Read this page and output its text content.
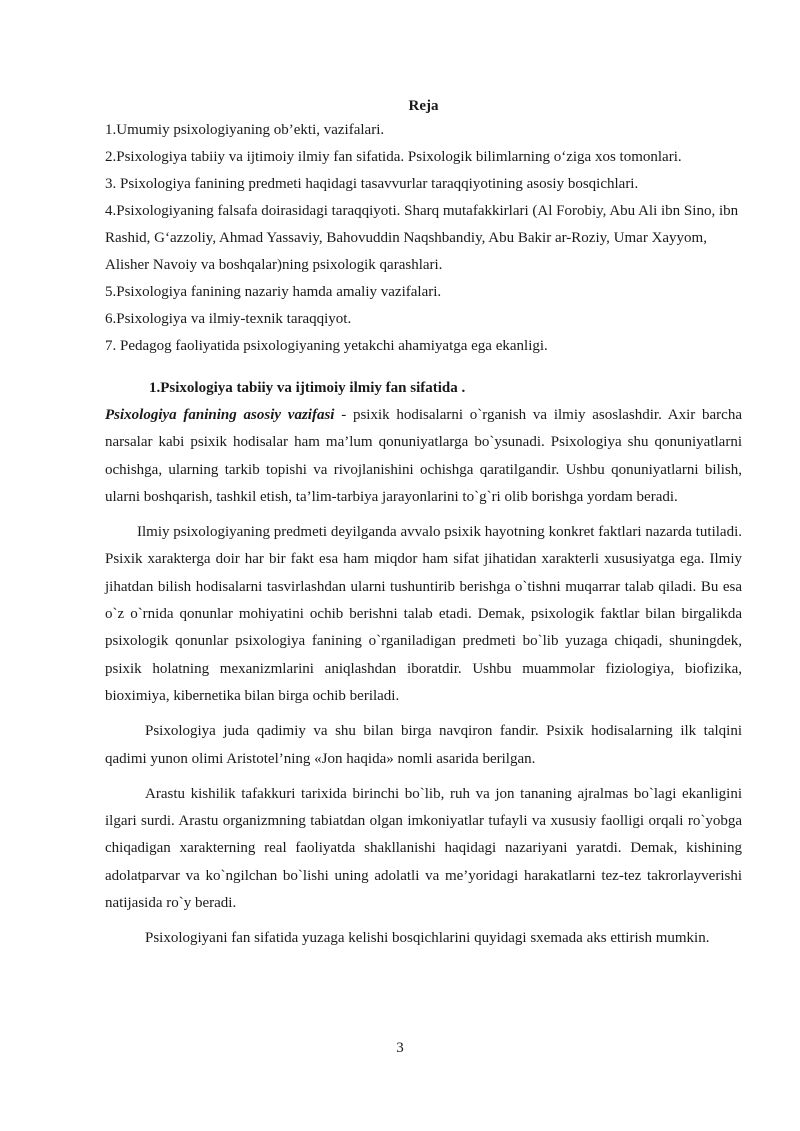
Reja
1.Umumiy psixologiyaning ob’ekti, vazifalari.
2.Psixologiya tabiiy va ijtimoiy ilmiy fan sifatida. Psixologik bilimlarning o‘ziga xos tomonlari.
3. Psixologiya fanining predmeti haqidagi tasavvurlar taraqqiyotining asosiy bosqichlari.
4.Psixologiyaning falsafa doirasidagi taraqqiyoti. Sharq mutafakkirlari (Al Forobiy, Abu Ali ibn Sino, ibn Rashid, G‘azzoliy, Ahmad Yassaviy, Bahovuddin Naqshbandiy, Abu Bakir ar-Roziy, Umar Xayyom, Alisher Navoiy va boshqalar)ning psixologik qarashlari.
5.Psixologiya fanining nazariy hamda amaliy vazifalari.
6.Psixologiya va ilmiy-texnik taraqqiyot.
7. Pedagog faoliyatida psixologiyaning yetakchi ahamiyatga ega ekanligi.
1.Psixologiya tabiiy va ijtimoiy ilmiy fan sifatida .

Psixologiya fanining asosiy vazifasi - psixik hodisalarni o`rganish va ilmiy asoslashdir. Axir barcha narsalar kabi psixik hodisalar ham ma’lum qonuniyatlarga bo`ysunadi. Psixologiya shu qonuniyatlarni ochishga, ularning tarkib topishi va rivojlanishini ochishga qaratilgandir. Ushbu qonuniyatlarni bilish, ularni boshqarish, tashkil etish, ta’lim-tarbiya jarayonlarini to`g`ri olib borishga yordam beradi.

Ilmiy psixologiyaning predmeti deyilganda avvalo psixik hayotning konkret faktlari nazarda tutiladi. Psixik xarakterga doir har bir fakt esa ham miqdor ham sifat jihatidan xarakterli xususiyatga ega. Ilmiy jihatdan bilish hodisalarni tasvirlashdan ularni tushuntirib berishga o`tishni muqarrar talab qiladi. Bu esa o`z o`rnida qonunlar mohiyatini ochib berishni talab etadi. Demak, psixologik faktlar bilan birgalikda psixologik qonunlar psixologiya fanining o`rganiladigan predmeti bo`lib yuzaga chiqadi, shuningdek, psixik holatning mexanizmlarini aniqlashdan iboratdir. Ushbu muammolar fiziologiya, biofizika, bioximiya, kibernetika bilan birga ochib beriladi.

Psixologiya juda qadimiy va shu bilan birga navqiron fandir. Psixik hodisalarning ilk talqini qadimi yunon olimi Aristotel’ning «Jon haqida» nomli asarida berilgan.

Arastu kishilik tafakkuri tarixida birinchi bo`lib, ruh va jon tananing ajralmas bo`lagi ekanligini ilgari surdi. Arastu organizmning tabiatdan olgan imkoniyatlar tufayli va xususiy faolligi orqali ro`yobga chiqadigan xarakterning real faoliyatda shakllanishi haqidagi nazariyani yaratdi. Demak, kishining adolatparvar va ko`ngilchan bo`lishi uning adolatli va me’yoridagi harakatlarni tez-tez takrorlayverishi natijasida ro`y beradi.

Psixologiyani fan sifatida yuzaga kelishi bosqichlarini quyidagi sxemada aks ettirish mumkin.

3
